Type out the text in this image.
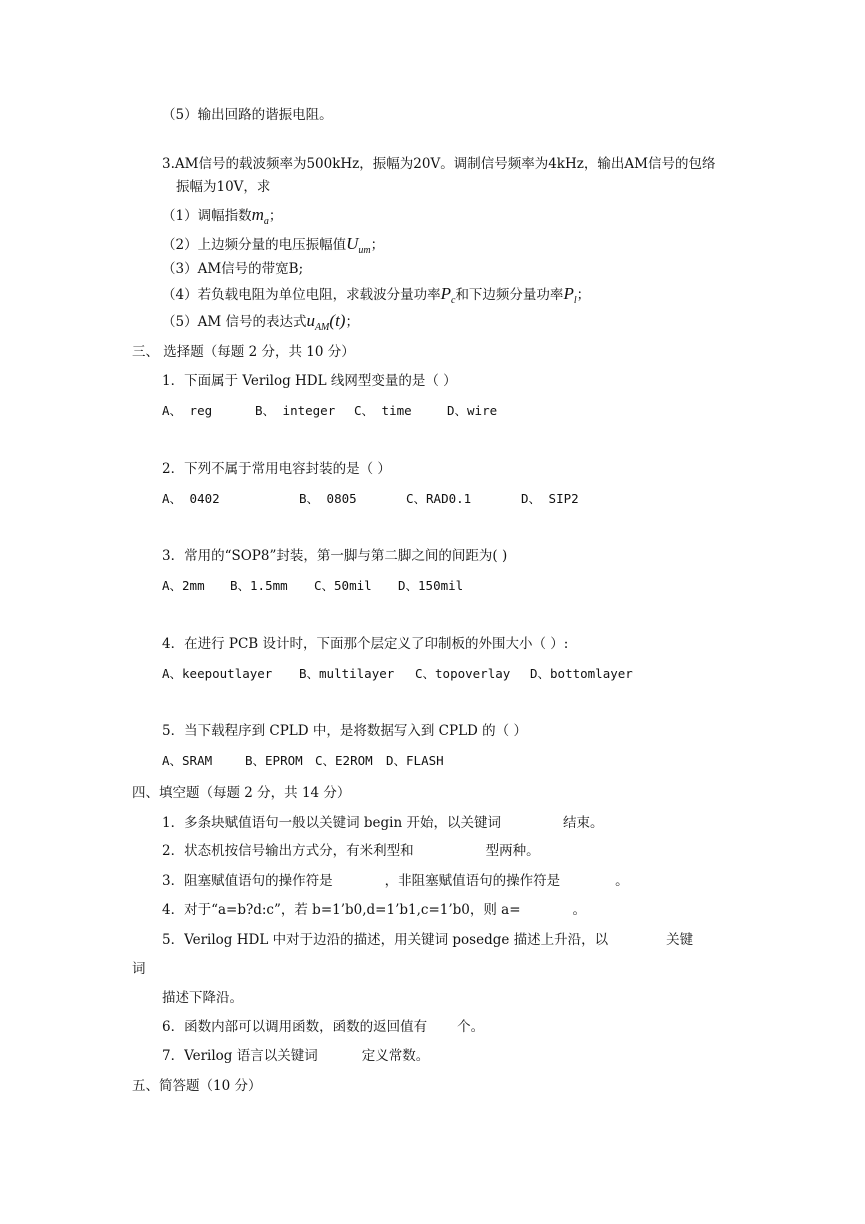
（5）输出回路的谐振电阻。
3.AM信号的载波频率为500kHz，振幅为20V。调制信号频率为4kHz，输出AM信号的包络
振幅为10V，求
（1）调幅指数$m_a$；
（2）上边频分量的电压振幅值$U_{um}$；
（3）AM信号的带宽B;
（4）若负载电阻为单位电阻，求载波分量功率$P_c$和下边频分量功率$P_l$；
（5）AM 信号的表达式$u_{AM}(t)$；
三、 选择题（每题 2 分，共 10 分）
1．下面属于 Verilog HDL 线网型变量的是（ ）
A、 reg	B、 integer C、 time	D、wire
2．下列不属于常用电容封装的是（ ）
A、 0402	B、 0805	C、RAD0.1	D、 SIP2
3．常用的“SOP8”封装，第一脚与第二脚之间的间距为( )
A、2mm B、1.5mm C、50mil D、150mil
4．在进行 PCB 设计时，下面那个层定义了印制板的外围大小（ ）:
A、keepoutlayer B、multilayer C、topoverlay D、bottomlayer
5．当下载程序到 CPLD 中，是将数据写入到 CPLD 的（ ）
A、SRAM	B、EPROM C、E2ROM D、FLASH
四、填空题（每题 2 分，共 14 分）
1．多条块赋值语句一般以关键词 begin 开始，以关键词	结束。
2．状态机按信号输出方式分，有米利型和	型两种。
3．阻塞赋值语句的操作符是	，非阻塞赋值语句的操作符是	。
4．对于“a=b?d:c”，若 b=1’b0,d=1’b1,c=1’b0，则 a=	。
5．Verilog HDL 中对于边沿的描述，用关键词 posedge 描述上升沿，以	关键
词
描述下降沿。
6．函数内部可以调用函数，函数的返回值有 个。
7．Verilog 语言以关键词	定义常数。
五、简答题（10 分）
